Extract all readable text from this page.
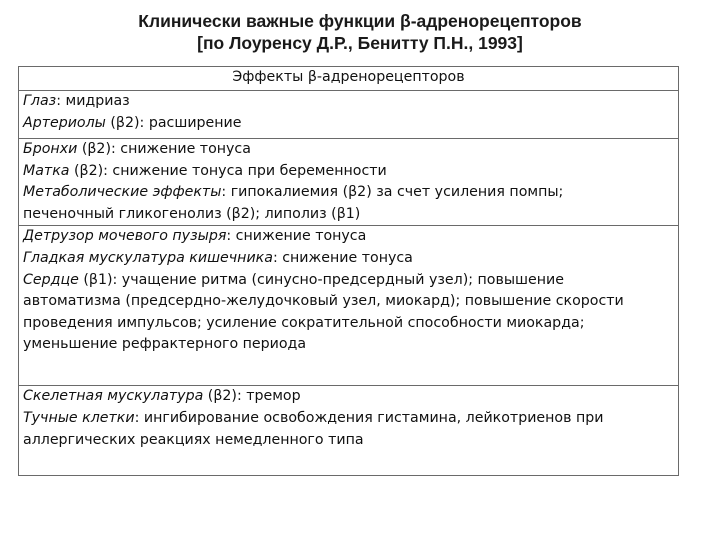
Клинически важные функции β-адренорецепторов
[по Лоуренсу Д.Р., Бенитту П.Н., 1993]
Эффекты β-адренорецепторов

Глаз: мидриаз
Артериолы (β2): расширение

Бронхи (β2): снижение тонуса
Матка (β2): снижение тонуса при беременности
Метаболические эффекты: гипокалиемия (β2) за счет усиления помпы;
печеночный гликогенолиз (β2); липолиз (β1)

Детрузор мочевого пузыря: снижение тонуса
Гладкая мускулатура кишечника: снижение тонуса
Сердце (β1): учащение ритма (синусно-предсердный узел); повышение
автоматизма (предсердно-желудочковый узел, миокард); повышение скорости
проведения импульсов; усиление сократительной способности миокарда;
уменьшение рефрактерного периода

Скелетная мускулатура (β2): тремор
Тучные клетки: ингибирование освобождения гистамина, лейкотриенов при
аллергических реакциях немедленного типа
